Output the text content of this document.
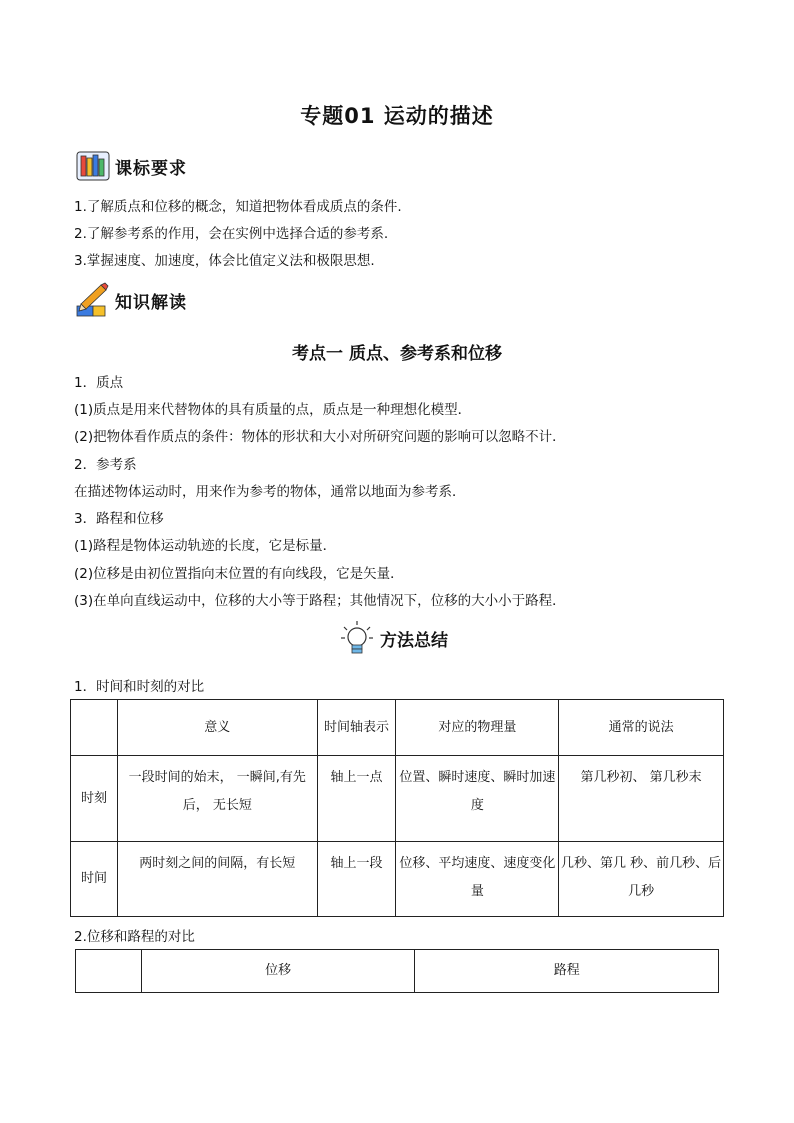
专题01 运动的描述
课标要求
1.了解质点和位移的概念，知道把物体看成质点的条件.
2.了解参考系的作用，会在实例中选择合适的参考系.
3.掌握速度、加速度，体会比值定义法和极限思想.
知识解读
考点一 质点、参考系和位移
1．质点
(1)质点是用来代替物体的具有质量的点，质点是一种理想化模型．
(2)把物体看作质点的条件：物体的形状和大小对所研究问题的影响可以忽略不计．
2．参考系
在描述物体运动时，用来作为参考的物体，通常以地面为参考系．
3．路程和位移
(1)路程是物体运动轨迹的长度，它是标量．
(2)位移是由初位置指向末位置的有向线段，它是矢量．
(3)在单向直线运动中，位移的大小等于路程；其他情况下，位移的大小小于路程．
方法总结
1．时间和时刻的对比
	意义	时间轴表示	对应的物理量	通常的说法
时刻	一段时间的始末， 一瞬间,有先后， 无长短	轴上一点	位置、瞬时速度、瞬时加速度	第几秒初、 第几秒末
时间	两时刻之间的间隔，有长短	轴上一段	位移、平均速度、速度变化量	几秒、第几 秒、前几秒、后几秒
2.位移和路程的对比
	位移	路程
